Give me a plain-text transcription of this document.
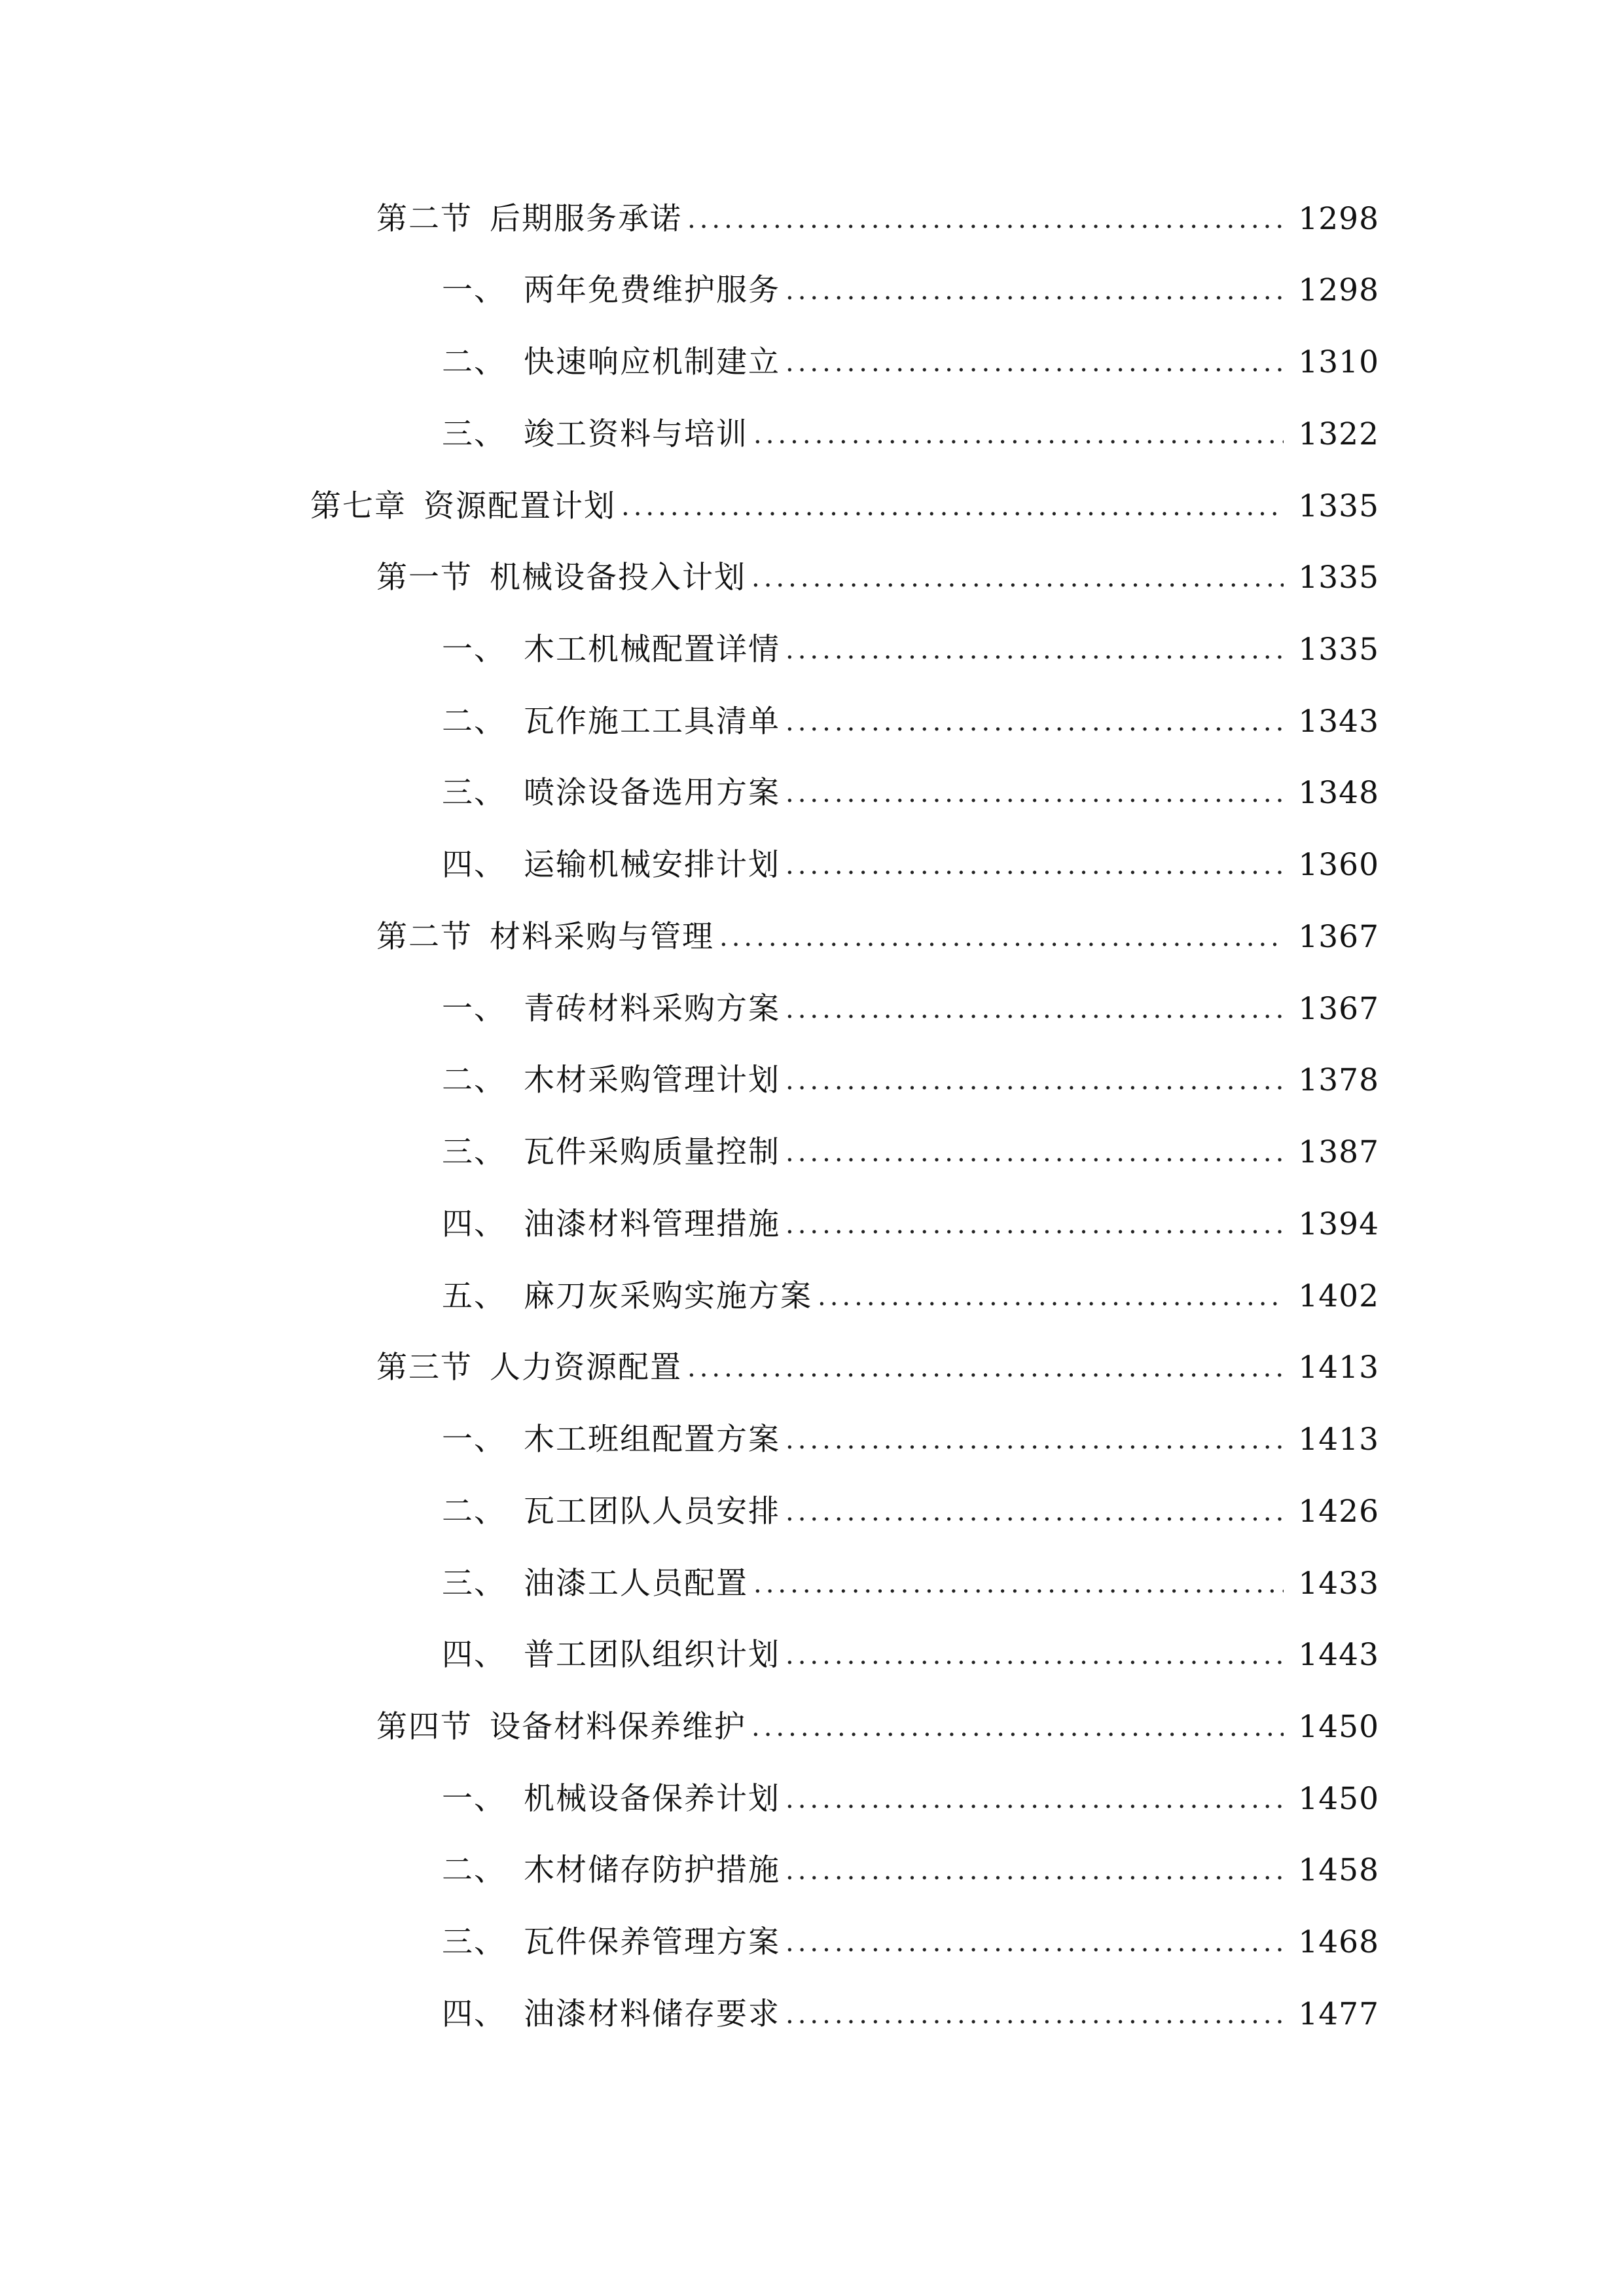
第二节 后期服务承诺 .....	1298
一、 两年免费维护服务 .....	1298
二、 快速响应机制建立 .....	1310
三、 竣工资料与培训 .....	1322
第七章 资源配置计划 .....	1335
第一节 机械设备投入计划 .....	1335
一、 木工机械配置详情 .....	1335
二、 瓦作施工工具清单 .....	1343
三、 喷涂设备选用方案 .....	1348
四、 运输机械安排计划 .....	1360
第二节 材料采购与管理 .....	1367
一、 青砖材料采购方案 .....	1367
二、 木材采购管理计划 .....	1378
三、 瓦件采购质量控制 .....	1387
四、 油漆材料管理措施 .....	1394
五、 麻刀灰采购实施方案 .....	1402
第三节 人力资源配置 .....	1413
一、 木工班组配置方案 .....	1413
二、 瓦工团队人员安排 .....	1426
三、 油漆工人员配置 .....	1433
四、 普工团队组织计划 .....	1443
第四节 设备材料保养维护 .....	1450
一、 机械设备保养计划 .....	1450
二、 木材储存防护措施 .....	1458
三、 瓦件保养管理方案 .....	1468
四、 油漆材料储存要求 .....	1477
